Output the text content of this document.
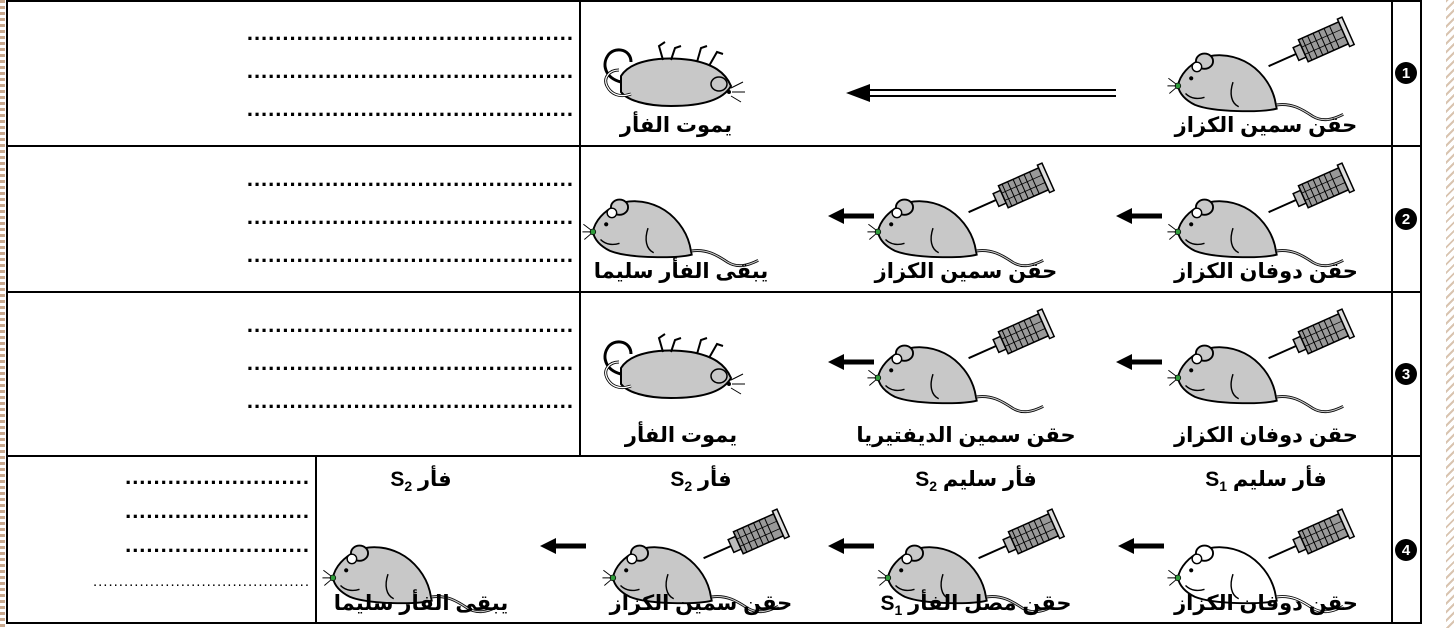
1
..............................................
..............................................
..............................................
حقن سمين الكزاز
يموت الفأر
2
..............................................
..............................................
..............................................
حقن دوفان الكزاز
حقن سمين الكزاز
يبقى الفأر سليما
3
..............................................
..............................................
..............................................
حقن دوفان الكزاز
حقن سمين الديفتيريا
يموت الفأر
4
..........................
..........................
..........................
..........................................
حقن دوفان الكزاز
فأر سليم $S_1$
حقن مصل الفأر $S_1$
فأر سليم $S_2$
حقن سمين الكزاز
فأر $S_2$
يبقى الفأر سليما
فأر $S_2$
